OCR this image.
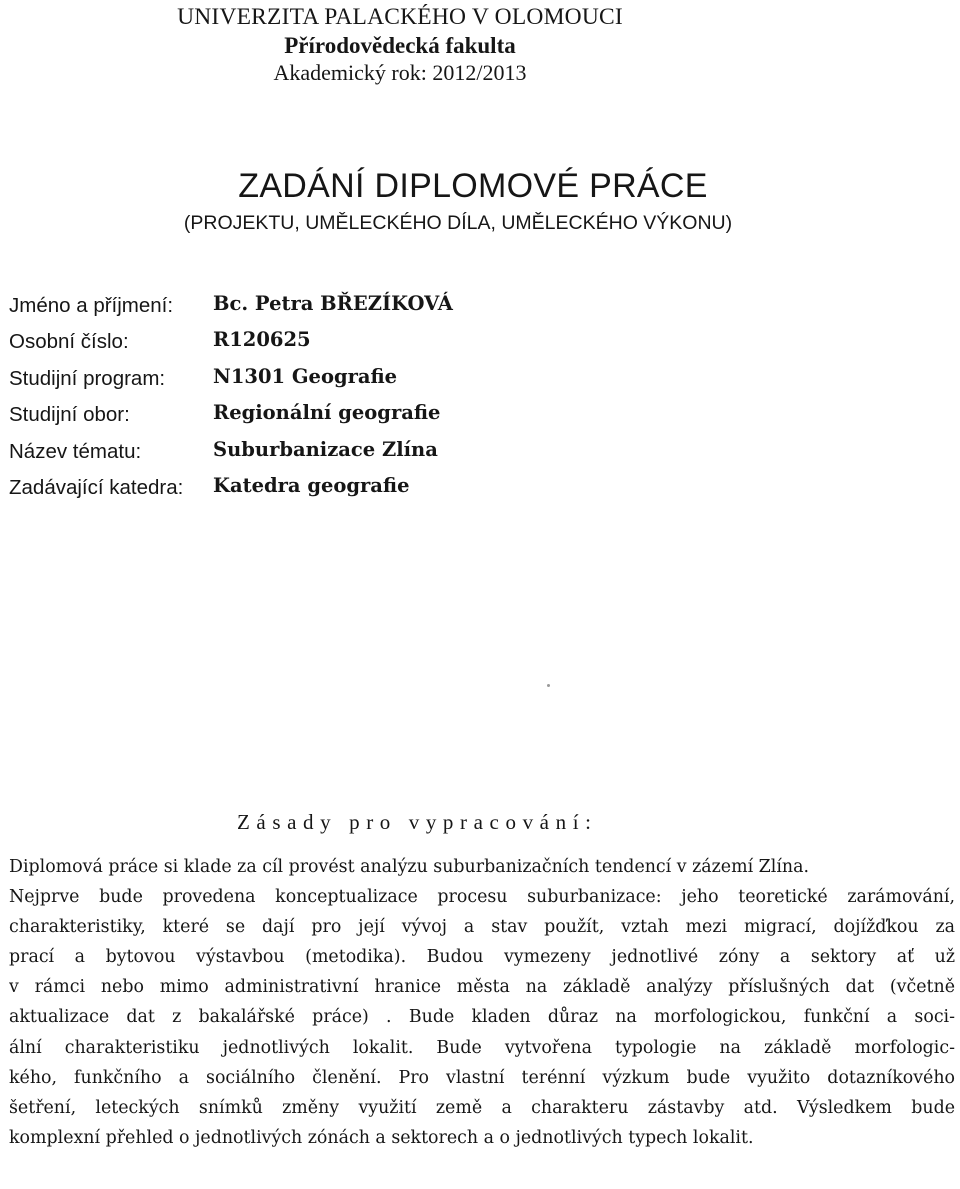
UNIVERZITA PALACKÉHO V OLOMOUCI
Přírodovědecká fakulta
Akademický rok: 2012/2013
ZADÁNÍ DIPLOMOVÉ PRÁCE
(PROJEKTU, UMĚLECKÉHO DÍLA, UMĚLECKÉHO VÝKONU)
Jméno a příjmení: Bc. Petra BŘEZÍKOVÁ
Osobní číslo:	R120625
Studijní program: N1301 Geografie
Studijní obor:	Regionální geografie
Název tématu:	Suburbanizace Zlína
Zadávající katedra: Katedra geografie
Zásady pro vypracování:
Diplomová práce si klade za cíl provést analýzu suburbanizačních tendencí v zázemí Zlína.
Nejprve bude provedena konceptualizace procesu suburbanizace: jeho teoretické zarámování,
charakteristiky, které se dají pro její vývoj a stav použít, vztah mezi migrací, dojížďkou za
prací a bytovou výstavbou (metodika). Budou vymezeny jednotlivé zóny a sektory ať už
v rámci nebo mimo administrativní hranice města na základě analýzy příslušných dat (včetně
aktualizace dat z bakalářské práce) . Bude kladen důraz na morfologickou, funkční a soci-
ální charakteristiku jednotlivých lokalit. Bude vytvořena typologie na základě morfologic-
kého, funkčního a sociálního členění. Pro vlastní terénní výzkum bude využito dotazníkového
šetření, leteckých snímků změny využití země a charakteru zástavby atd. Výsledkem bude
komplexní přehled o jednotlivých zónách a sektorech a o jednotlivých typech lokalit.
